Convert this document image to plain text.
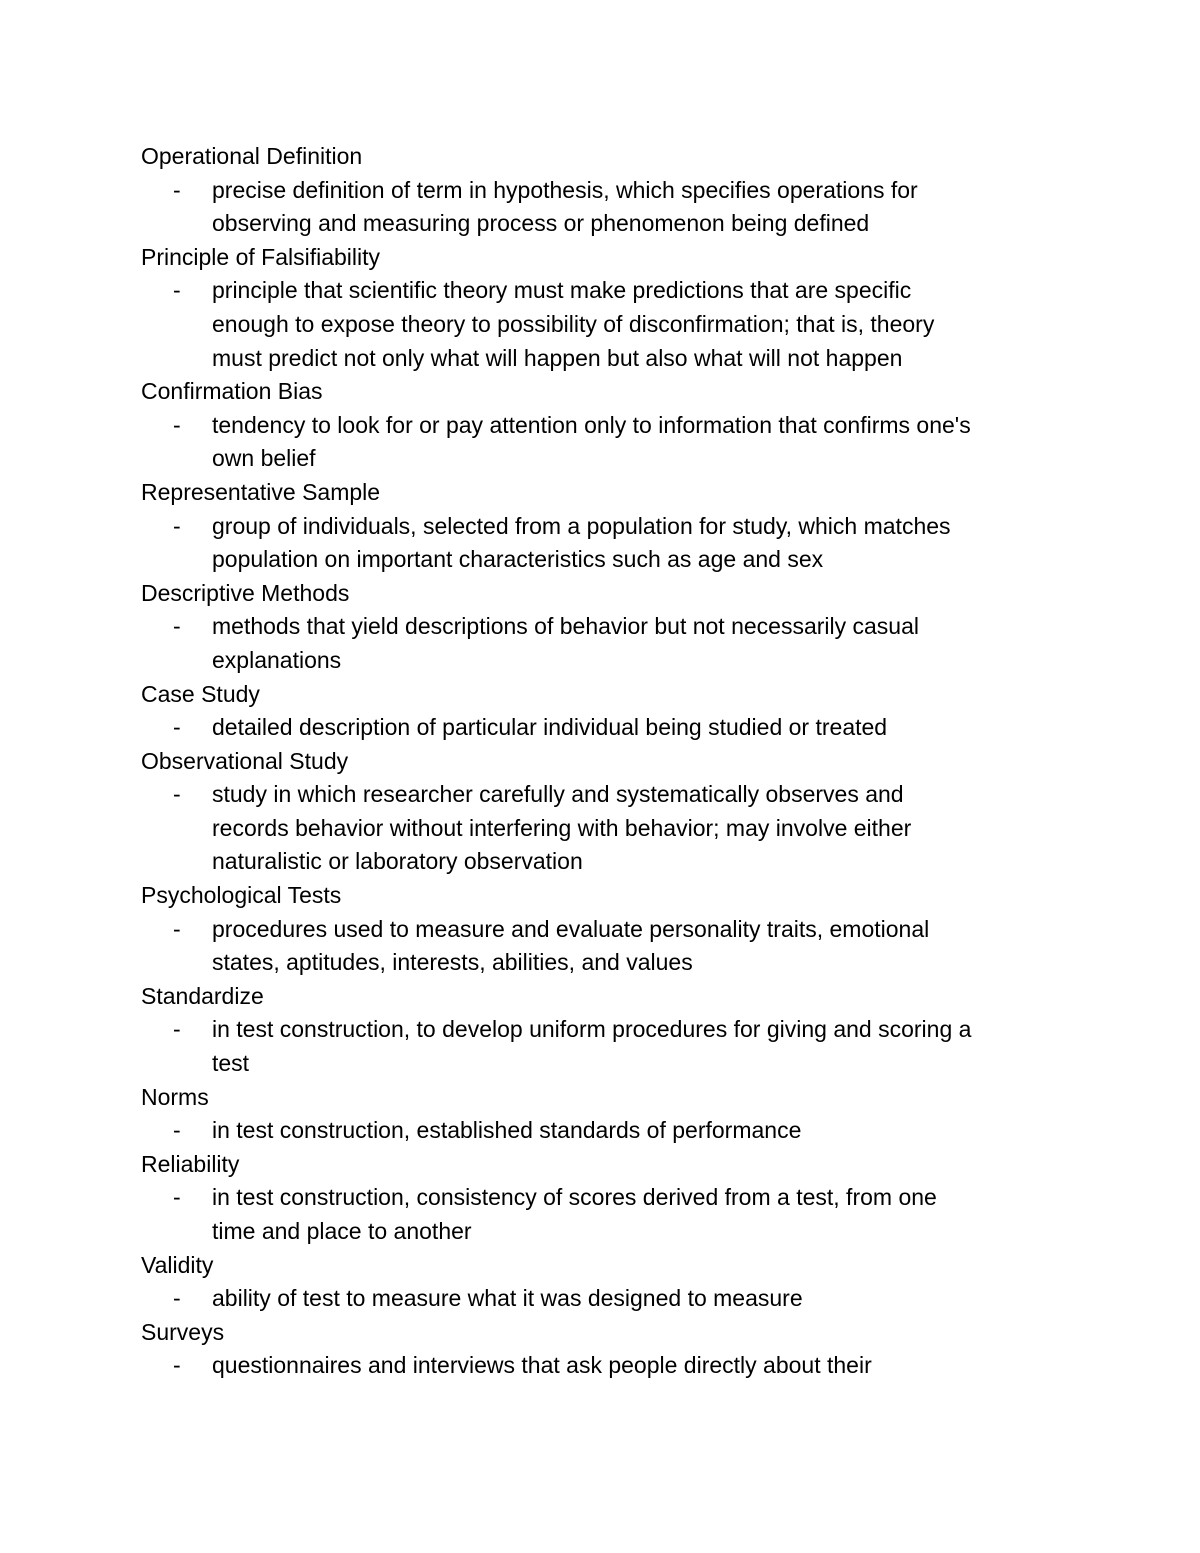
Operational Definition
- precise definition of term in hypothesis, which specifies operations for
observing and measuring process or phenomenon being defined
Principle of Falsifiability
- principle that scientific theory must make predictions that are specific
enough to expose theory to possibility of disconfirmation; that is, theory
must predict not only what will happen but also what will not happen
Confirmation Bias
- tendency to look for or pay attention only to information that confirms one's
own belief
Representative Sample
- group of individuals, selected from a population for study, which matches
population on important characteristics such as age and sex
Descriptive Methods
- methods that yield descriptions of behavior but not necessarily casual
explanations
Case Study
- detailed description of particular individual being studied or treated
Observational Study
- study in which researcher carefully and systematically observes and
records behavior without interfering with behavior; may involve either
naturalistic or laboratory observation
Psychological Tests
- procedures used to measure and evaluate personality traits, emotional
states, aptitudes, interests, abilities, and values
Standardize
- in test construction, to develop uniform procedures for giving and scoring a
test
Norms
- in test construction, established standards of performance
Reliability
- in test construction, consistency of scores derived from a test, from one
time and place to another
Validity
- ability of test to measure what it was designed to measure
Surveys
- questionnaires and interviews that ask people directly about their
